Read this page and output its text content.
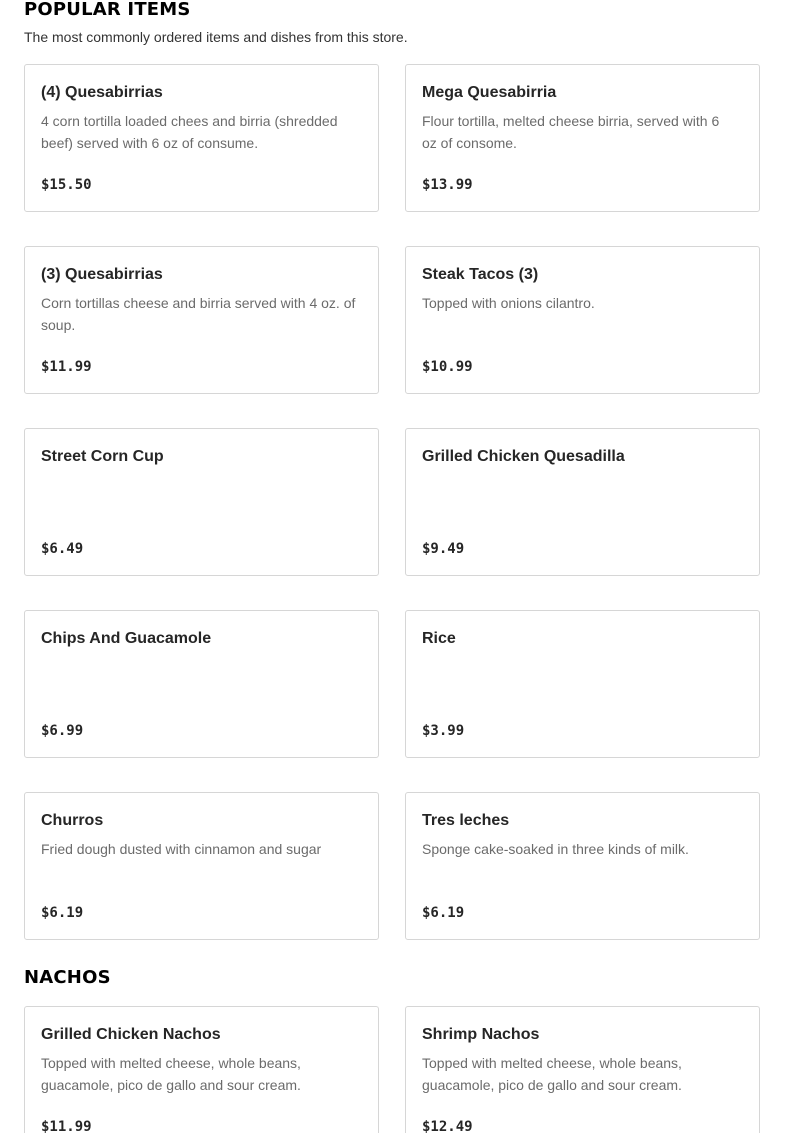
POPULAR ITEMS

The most commonly ordered items and dishes from this store.

(4) Quesabirrias
4 corn tortilla loaded chees and birria (shredded beef) served with 6 oz of consume.
$15.50
Mega Quesabirria
Flour tortilla, melted cheese birria, served with 6 oz of consome.
$13.99
(3) Quesabirrias
Corn tortillas cheese and birria served with 4 oz. of soup.
$11.99
Steak Tacos (3)
Topped with onions cilantro.
$10.99
Street Corn Cup
$6.49
Grilled Chicken Quesadilla
$9.49
Chips And Guacamole
$6.99
Rice
$3.99
Churros
Fried dough dusted with cinnamon and sugar
$6.19
Tres leches
Sponge cake-soaked in three kinds of milk.
$6.19
NACHOS
Grilled Chicken Nachos
Topped with melted cheese, whole beans, guacamole, pico de gallo and sour cream.
$11.99
Shrimp Nachos
Topped with melted cheese, whole beans, guacamole, pico de gallo and sour cream.
$12.49
